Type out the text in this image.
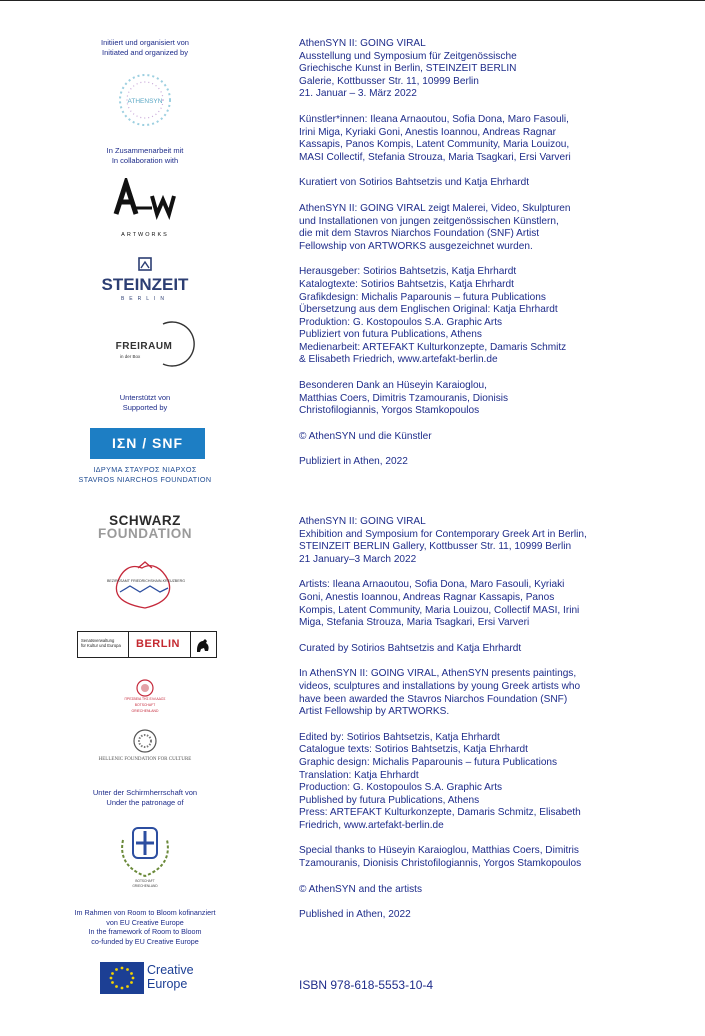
Initiiert und organisiert von
Initiated and organized by
ATHENSYN
In Zusammenarbeit mit
In collaboration with
ARTWORKS
STEINZEIT
BERLIN
FREIRAUM
in der Box
Unterstützt von
Supported by
ΙΣΝ / SNF
ΙΔΡΥΜΑ ΣΤΑΥΡΟΣ ΝΙΑΡΧΟΣ
STAVROS NIARCHOS FOUNDATION
SCHWARZ
FOUNDATION
BEZIRKSAMT FRIEDRICHSHAIN-KREUZBERG
Senatsverwaltung
für Kultur und Europa BERLIN
ΠΡΕΣΒΕΙΑ ΤΗΣ ΕΛΛΑΔΟΣ
BOTSCHAFT
GRIECHENLAND
HELLENIC FOUNDATION FOR CULTURE
Unter der Schirmherrschaft von
Under the patronage of
BOTSCHAFT
GRIECHENLAND
Im Rahmen von Room to Bloom kofinanziert
von EU Creative Europe
In the framework of Room to Bloom
co-funded by EU Creative Europe
Creative
Europe

AthenSYN II: GOING VIRAL

Ausstellung und Symposium für Zeitgenössische

Griechische Kunst in Berlin, STEINZEIT BERLIN

Galerie, Kottbusser Str. 11, 10999 Berlin

21. Januar – 3. März 2022

Künstler*innen: Ileana Arnaoutou, Sofia Dona, Maro Fasouli,

Irini Miga, Kyriaki Goni, Anestis Ioannou, Andreas Ragnar

Kassapis, Panos Kompis, Latent Community, Maria Louizou,

MASI Collectif, Stefania Strouza, Maria Tsagkari, Ersi Varveri

Kuratiert von Sotirios Bahtsetzis und Katja Ehrhardt

AthenSYN II: GOING VIRAL zeigt Malerei, Video, Skulpturen

und Installationen von jungen zeitgenössischen Künstlern,

die mit dem Stavros Niarchos Foundation (SNF) Artist

Fellowship von ARTWORKS ausgezeichnet wurden.

Herausgeber: Sotirios Bahtsetzis, Katja Ehrhardt

Katalogtexte: Sotirios Bahtsetzis, Katja Ehrhardt

Grafikdesign: Michalis Paparounis – futura Publications

Übersetzung aus dem Englischen Original: Katja Ehrhardt

Produktion: G. Kostopoulos S.A. Graphic Arts

Publiziert von futura Publications, Athens

Medienarbeit: ARTEFAKT Kulturkonzepte, Damaris Schmitz

& Elisabeth Friedrich, www.artefakt-berlin.de

Besonderen Dank an Hüseyin Karaioglou,

Matthias Coers, Dimitris Tzamouranis, Dionisis

Christofilogiannis, Yorgos Stamkopoulos

© AthenSYN und die Künstler

Publiziert in Athen, 2022

AthenSYN II: GOING VIRAL

Exhibition and Symposium for Contemporary Greek Art in Berlin,

STEINZEIT BERLIN Gallery, Kottbusser Str. 11, 10999 Berlin

21 January–3 March 2022

Artists: Ileana Arnaoutou, Sofia Dona, Maro Fasouli, Kyriaki

Goni, Anestis Ioannou, Andreas Ragnar Kassapis, Panos

Kompis, Latent Community, Maria Louizou, Collectif MASI, Irini

Miga, Stefania Strouza, Maria Tsagkari, Ersi Varveri

Curated by Sotirios Bahtsetzis and Katja Ehrhardt

In AthenSYN II: GOING VIRAL, AthenSYN presents paintings,

videos, sculptures and installations by young Greek artists who

have been awarded the Stavros Niarchos Foundation (SNF)

Artist Fellowship by ARTWORKS.

Edited by: Sotirios Bahtsetzis, Katja Ehrhardt

Catalogue texts: Sotirios Bahtsetzis, Katja Ehrhardt

Graphic design: Michalis Paparounis – futura Publications

Translation: Katja Ehrhardt

Production: G. Kostopoulos S.A. Graphic Arts

Published by futura Publications, Athens

Press: ARTEFAKT Kulturkonzepte, Damaris Schmitz, Elisabeth

Friedrich, www.artefakt-berlin.de

Special thanks to Hüseyin Karaioglou, Matthias Coers, Dimitris

Tzamouranis, Dionisis Christofilogiannis, Yorgos Stamkopoulos

© AthenSYN and the artists

Published in Athen, 2022

ISBN 978-618-5553-10-4
